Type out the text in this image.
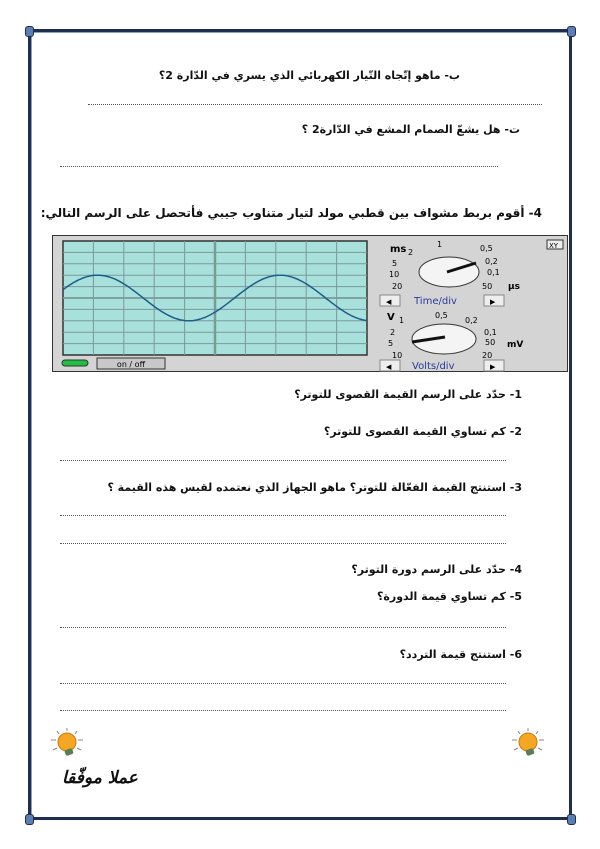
ب- ماهو إتّجاه التّيار الكهربائي الذي يسري في الدّارة 2؟
ت- هل يشعّ الصمام المشع في الدّارة2 ؟
4- أقوم بربط مشواف بين قطبي مولد لتيار متناوب جيبي فأتحصل على الرسم التالي:
on / off
ms	XY
2
1	0,5
5	0,2
10	0,1
20	50 µs
◀ Time/div	▶
V 1
0,5
0,2
2	0,1
5	50
10	20
mV
◀ Volts/div	▶
1- حدّد على الرسم القيمة القصوى للتوتر؟
2- كم تساوي القيمة القصوى للتوتر؟
3- استنتج القيمة الفعّالة للتوتر؟ ماهو الجهاز الذي نعتمده لقيس هذه القيمة ؟
4- حدّد على الرسم دورة التوتر؟
5- كم تساوي قيمة الدورة؟
6- استنتج قيمة التردد؟
عملا موفّقا
